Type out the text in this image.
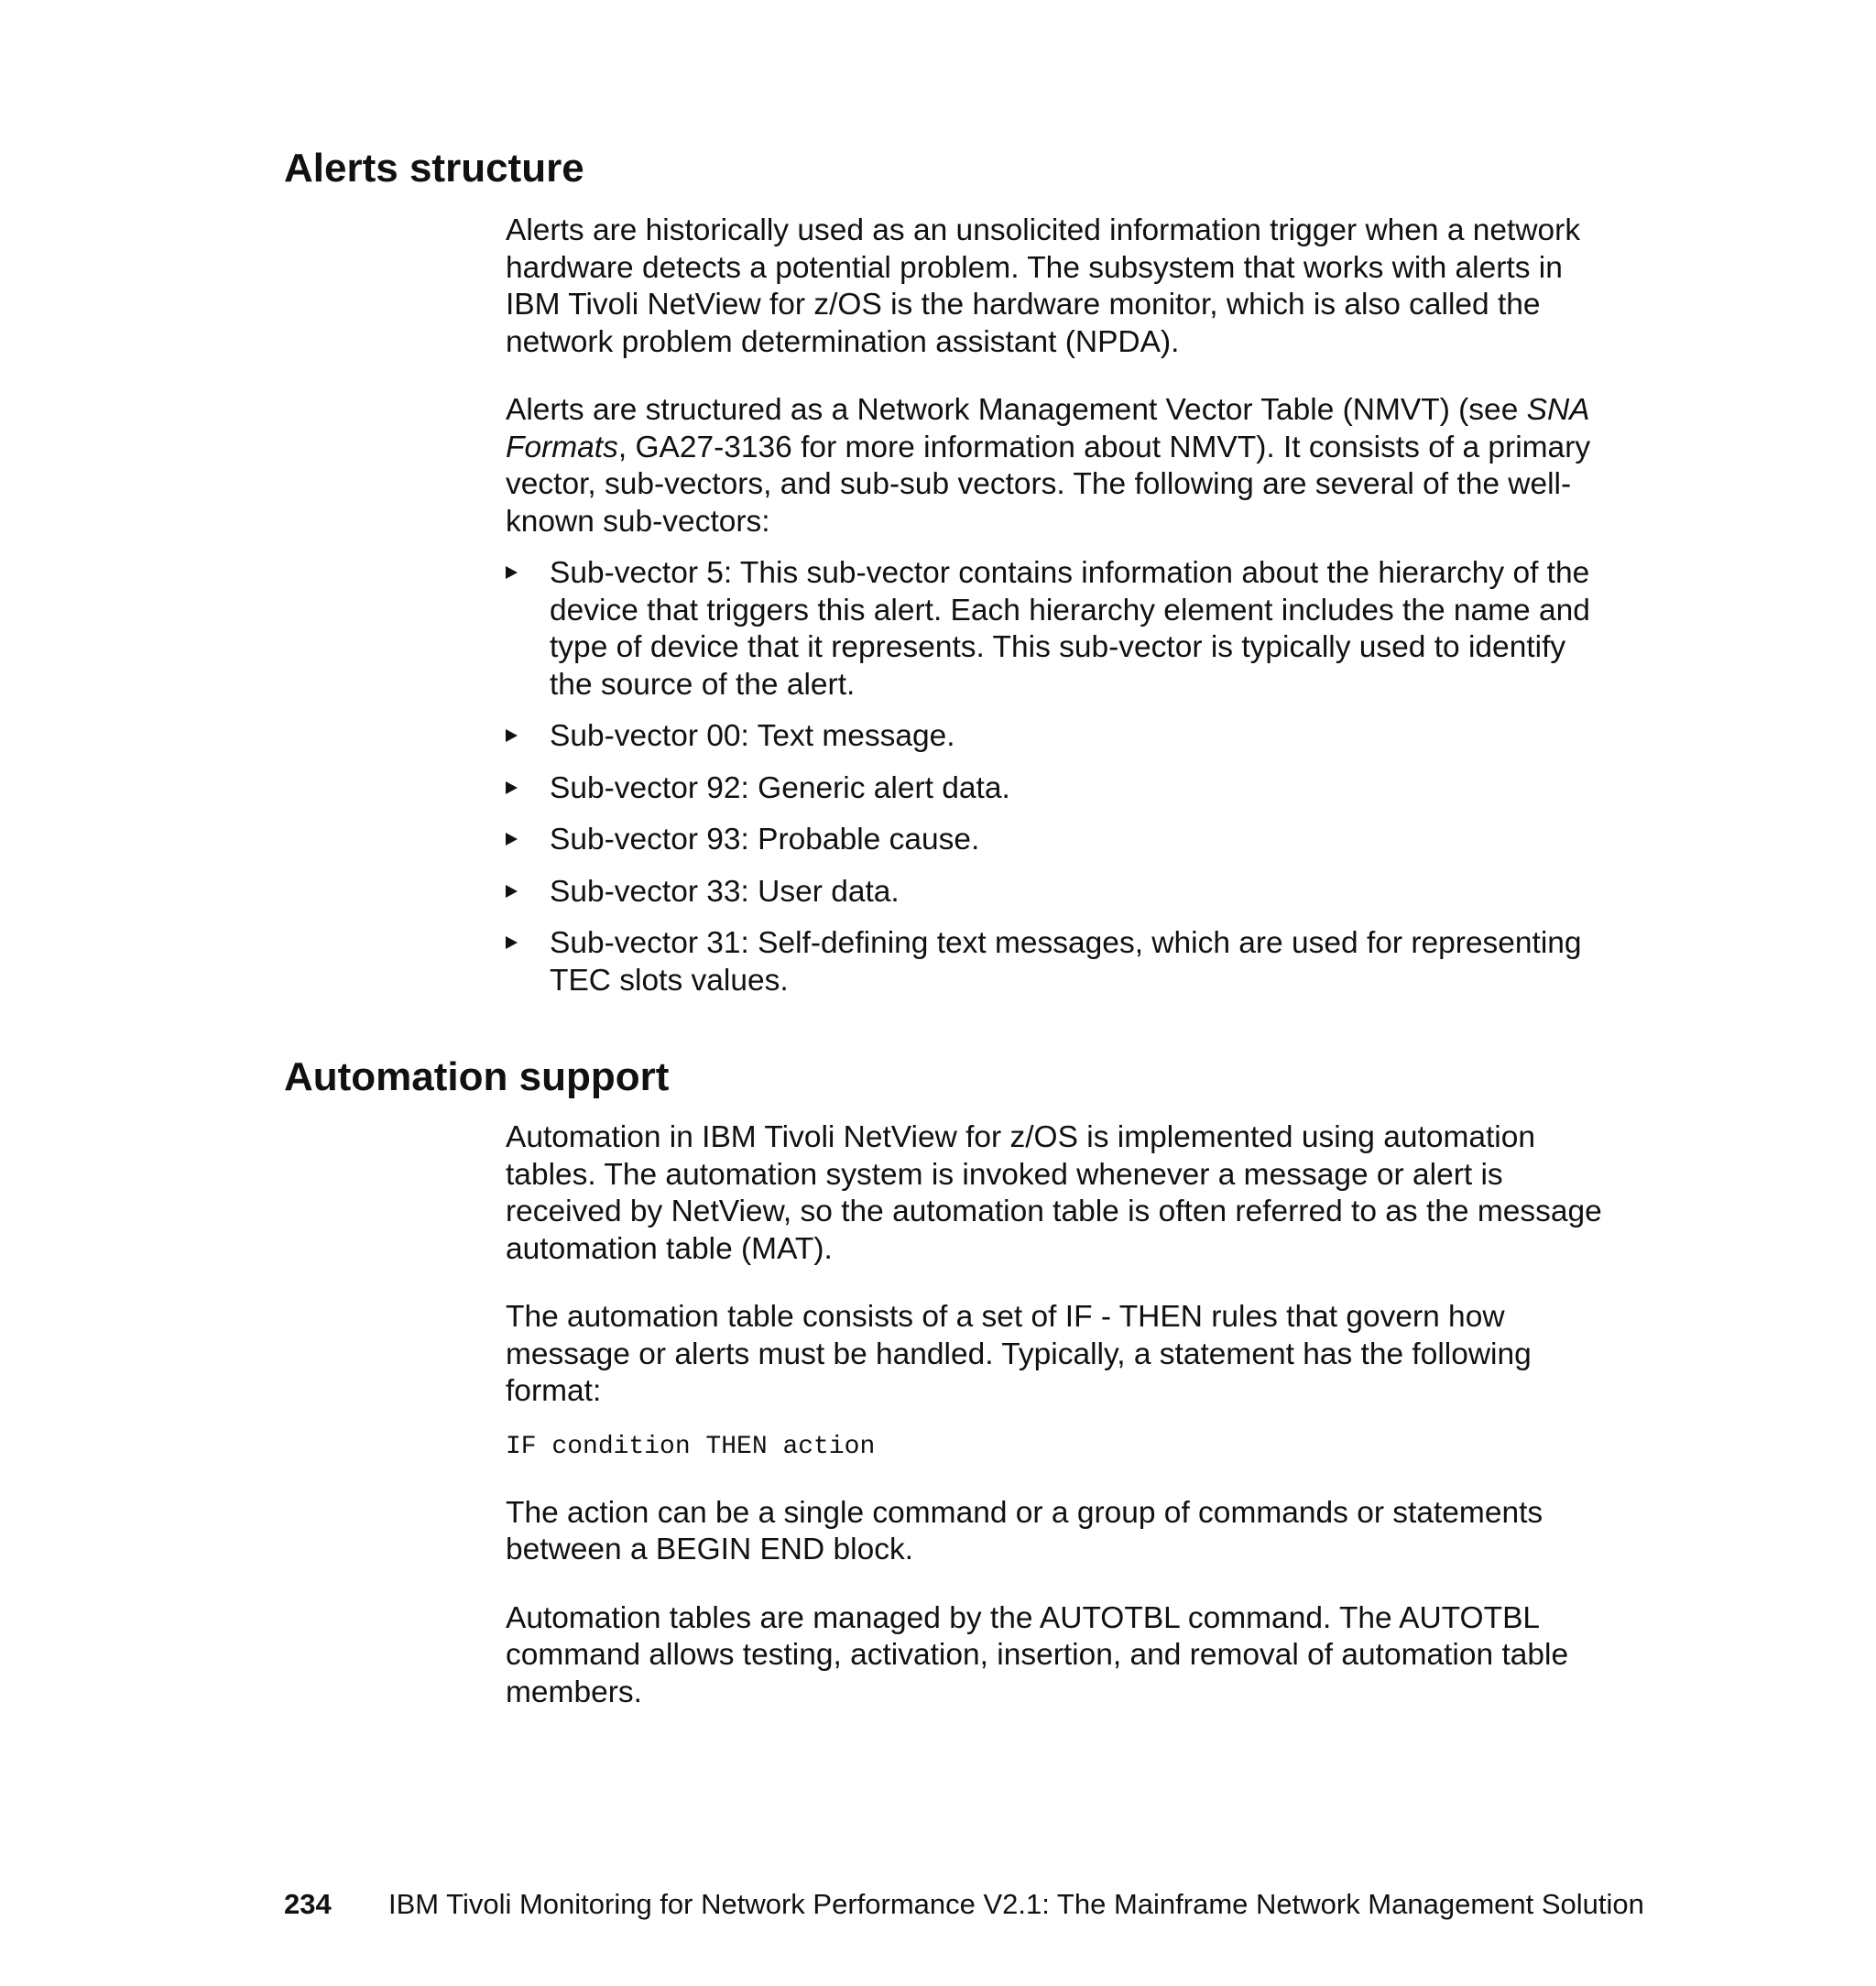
Alerts structure

Alerts are historically used as an unsolicited information trigger when a network hardware detects a potential problem. The subsystem that works with alerts in IBM Tivoli NetView for z/OS is the hardware monitor, which is also called the network problem determination assistant (NPDA).

Alerts are structured as a Network Management Vector Table (NMVT) (see SNA Formats, GA27-3136 for more information about NMVT). It consists of a primary vector, sub-vectors, and sub-sub vectors. The following are several of the well-known sub-vectors:

Sub-vector 5: This sub-vector contains information about the hierarchy of the device that triggers this alert. Each hierarchy element includes the name and type of device that it represents. This sub-vector is typically used to identify the source of the alert.
Sub-vector 00: Text message.
Sub-vector 92: Generic alert data.
Sub-vector 93: Probable cause.
Sub-vector 33: User data.
Sub-vector 31: Self-defining text messages, which are used for representing TEC slots values.
Automation support

Automation in IBM Tivoli NetView for z/OS is implemented using automation tables. The automation system is invoked whenever a message or alert is received by NetView, so the automation table is often referred to as the message automation table (MAT).

The automation table consists of a set of IF - THEN rules that govern how message or alerts must be handled. Typically, a statement has the following format:

IF condition THEN action

The action can be a single command or a group of commands or statements between a BEGIN END block.

Automation tables are managed by the AUTOTBL command. The AUTOTBL command allows testing, activation, insertion, and removal of automation table members.

234 IBM Tivoli Monitoring for Network Performance V2.1: The Mainframe Network Management Solution
